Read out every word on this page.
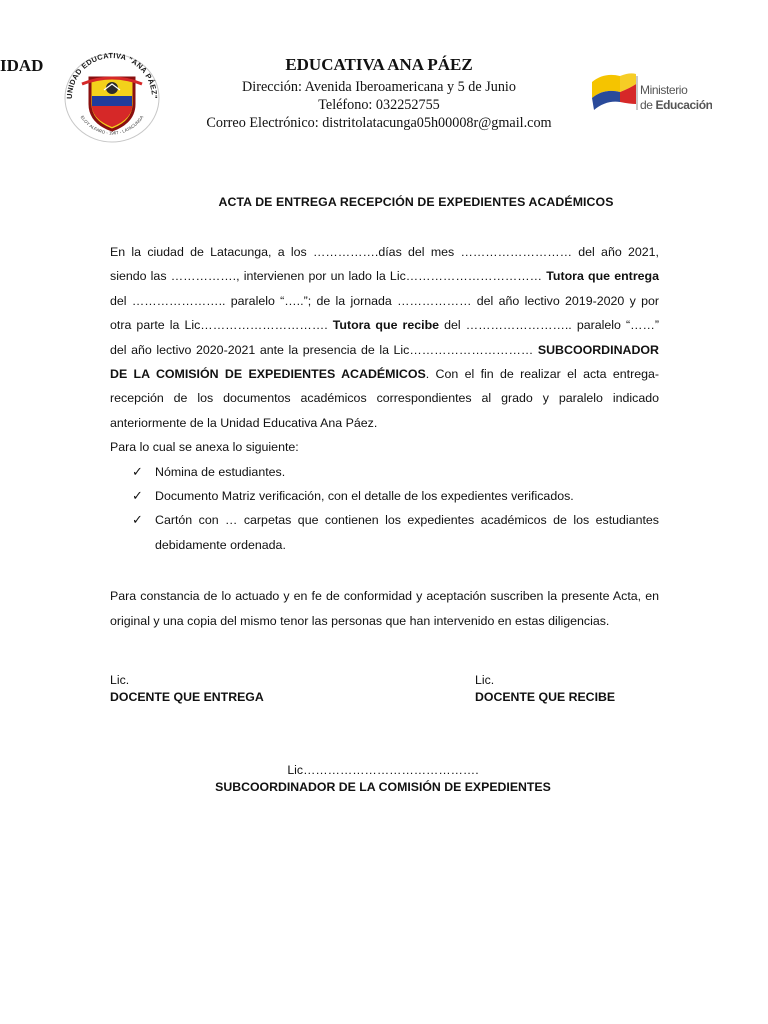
IDAD
UNIDAD EDUCATIVA "ANA PÁEZ"
ELOY ALFARO - 1967 - LATACUNGA
EDUCATIVA ANA PÁEZ
Dirección: Avenida Iberoamericana y 5 de Junio
Teléfono: 032252755
Correo Electrónico: distritolatacunga05h00008r@gmail.com
Ministerio
de Educación
ACTA DE ENTREGA RECEPCIÓN DE EXPEDIENTES ACADÉMICOS

En la ciudad de Latacunga, a los …………….días del mes ……………………… del año 2021, siendo las ……………., intervienen por un lado la Lic…………………………… Tutora que entrega del ………………….. paralelo “…..”; de la jornada ……………… del año lectivo 2019-2020 y por otra parte la Lic…………………………. Tutora que recibe del …………………….. paralelo “……” del año lectivo 2020-2021 ante la presencia de la Lic………………………… SUBCOORDINADOR DE LA COMISIÓN DE EXPEDIENTES ACADÉMICOS. Con el fin de realizar el acta entrega-recepción de los documentos académicos correspondientes al grado y paralelo indicado anteriormente de la Unidad Educativa Ana Páez.

Para lo cual se anexa lo siguiente:
✓ Nómina de estudiantes.
✓ Documento Matriz verificación, con el detalle de los expedientes verificados.
✓ Cartón con … carpetas que contienen los expedientes académicos de los estudiantes debidamente ordenada.
Para constancia de lo actuado y en fe de conformidad y aceptación suscriben la presente Acta, en original y una copia del mismo tenor las personas que han intervenido en estas diligencias.
Lic.
DOCENTE QUE ENTREGA
Lic.
DOCENTE QUE RECIBE
Lic…………………………………….
SUBCOORDINADOR DE LA COMISIÓN DE EXPEDIENTES
